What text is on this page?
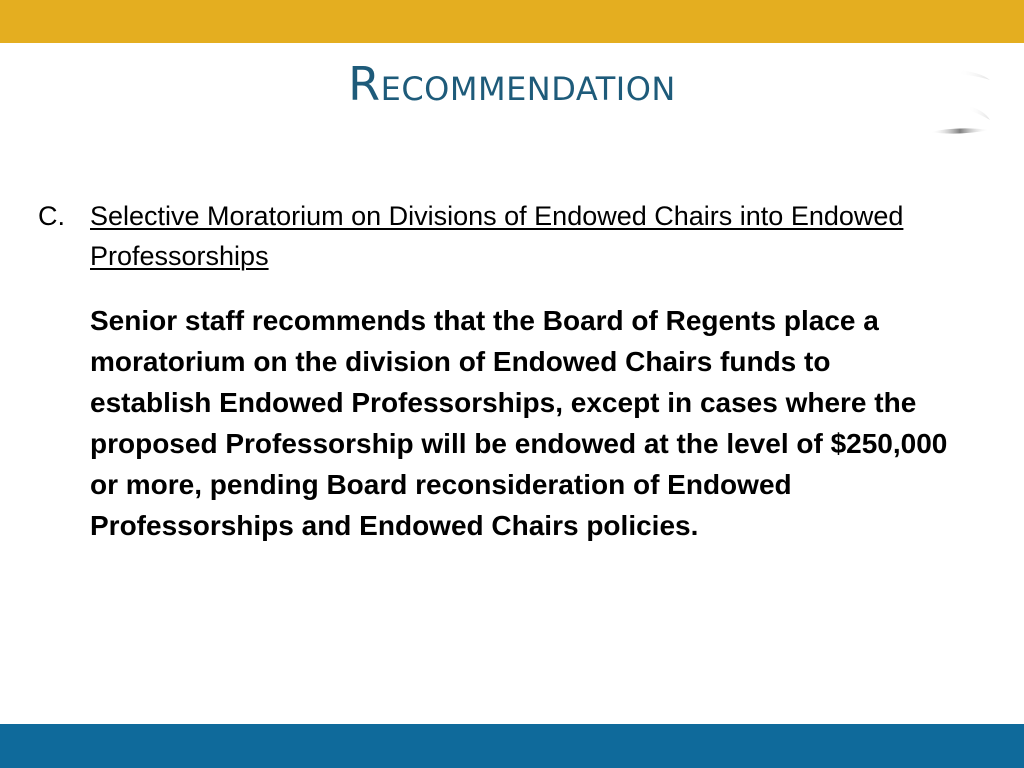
Recommendation
C. Selective Moratorium on Divisions of Endowed Chairs into Endowed Professorships

Senior staff recommends that the Board of Regents place a moratorium on the division of Endowed Chairs funds to establish Endowed Professorships, except in cases where the proposed Professorship will be endowed at the level of $250,000 or more, pending Board reconsideration of Endowed Professorships and Endowed Chairs policies.
